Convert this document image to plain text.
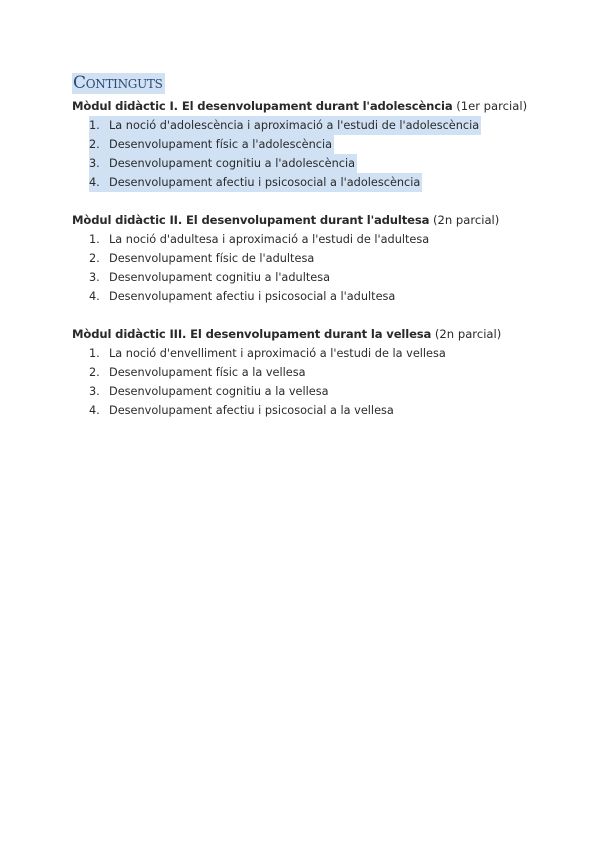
Continguts

Mòdul didàctic I. El desenvolupament durant l'adolescència (1er parcial)

1. La noció d'adolescència i aproximació a l'estudi de l'adolescència
2. Desenvolupament físic a l'adolescència
3. Desenvolupament cognitiu a l'adolescència
4. Desenvolupament afectiu i psicosocial a l'adolescència

Mòdul didàctic II. El desenvolupament durant l'adultesa (2n parcial)

1. La noció d'adultesa i aproximació a l'estudi de l'adultesa
2. Desenvolupament físic de l'adultesa
3. Desenvolupament cognitiu a l'adultesa
4. Desenvolupament afectiu i psicosocial a l'adultesa

Mòdul didàctic III. El desenvolupament durant la vellesa (2n parcial)

1. La noció d'envelliment i aproximació a l'estudi de la vellesa
2. Desenvolupament físic a la vellesa
3. Desenvolupament cognitiu a la vellesa
4. Desenvolupament afectiu i psicosocial a la vellesa
